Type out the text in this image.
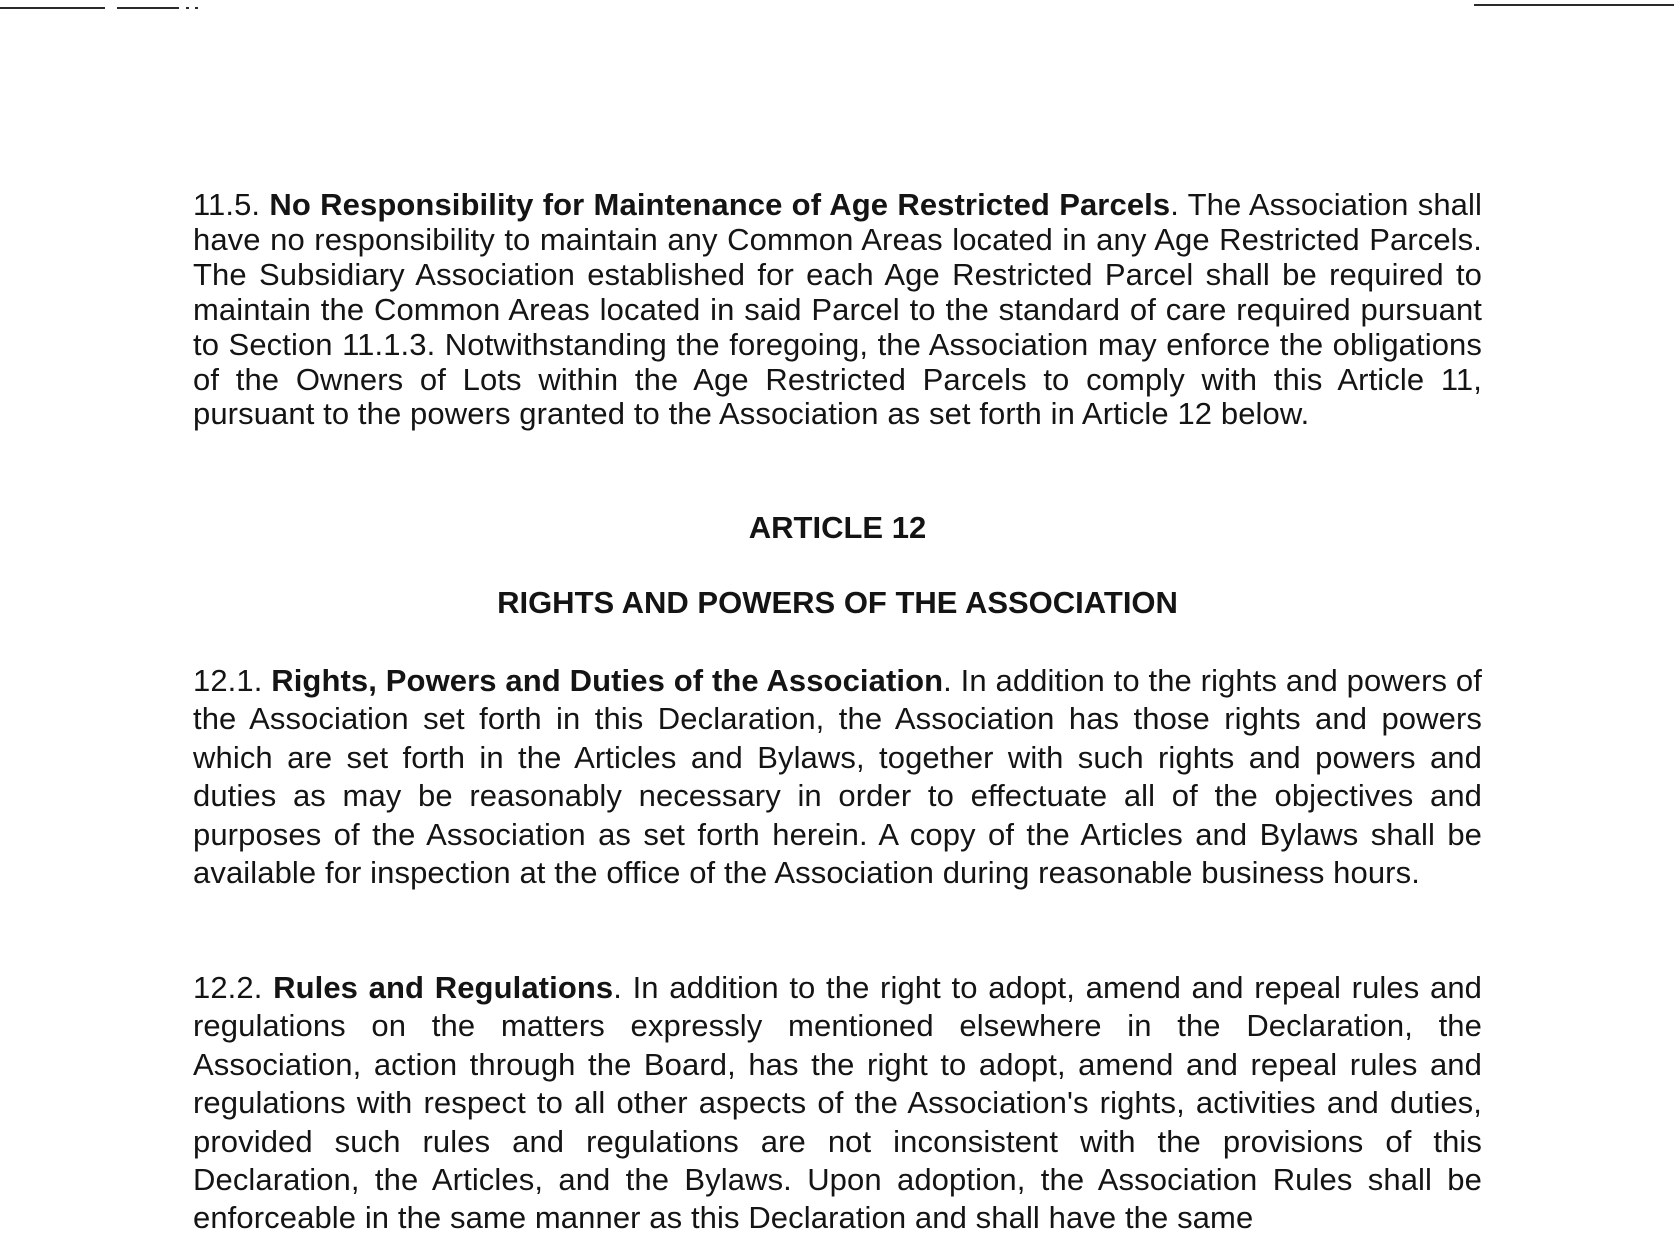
11.5. No Responsibility for Maintenance of Age Restricted Parcels. The Association shall have no responsibility to maintain any Common Areas located in any Age Restricted Parcels. The Subsidiary Association established for each Age Restricted Parcel shall be required to maintain the Common Areas located in said Parcel to the standard of care required pursuant to Section 11.1.3. Notwithstanding the foregoing, the Association may enforce the obligations of the Owners of Lots within the Age Restricted Parcels to comply with this Article 11, pursuant to the powers granted to the Association as set forth in Article 12 below.

ARTICLE 12

RIGHTS AND POWERS OF THE ASSOCIATION

12.1. Rights, Powers and Duties of the Association. In addition to the rights and powers of the Association set forth in this Declaration, the Association has those rights and powers which are set forth in the Articles and Bylaws, together with such rights and powers and duties as may be reasonably necessary in order to effectuate all of the objectives and purposes of the Association as set forth herein. A copy of the Articles and Bylaws shall be available for inspection at the office of the Association during reasonable business hours.

12.2. Rules and Regulations. In addition to the right to adopt, amend and repeal rules and regulations on the matters expressly mentioned elsewhere in the Declaration, the Association, action through the Board, has the right to adopt, amend and repeal rules and regulations with respect to all other aspects of the Association's rights, activities and duties, provided such rules and regulations are not inconsistent with the provisions of this Declaration, the Articles, and the Bylaws. Upon adoption, the Association Rules shall be enforceable in the same manner as this Declaration and shall have the same
